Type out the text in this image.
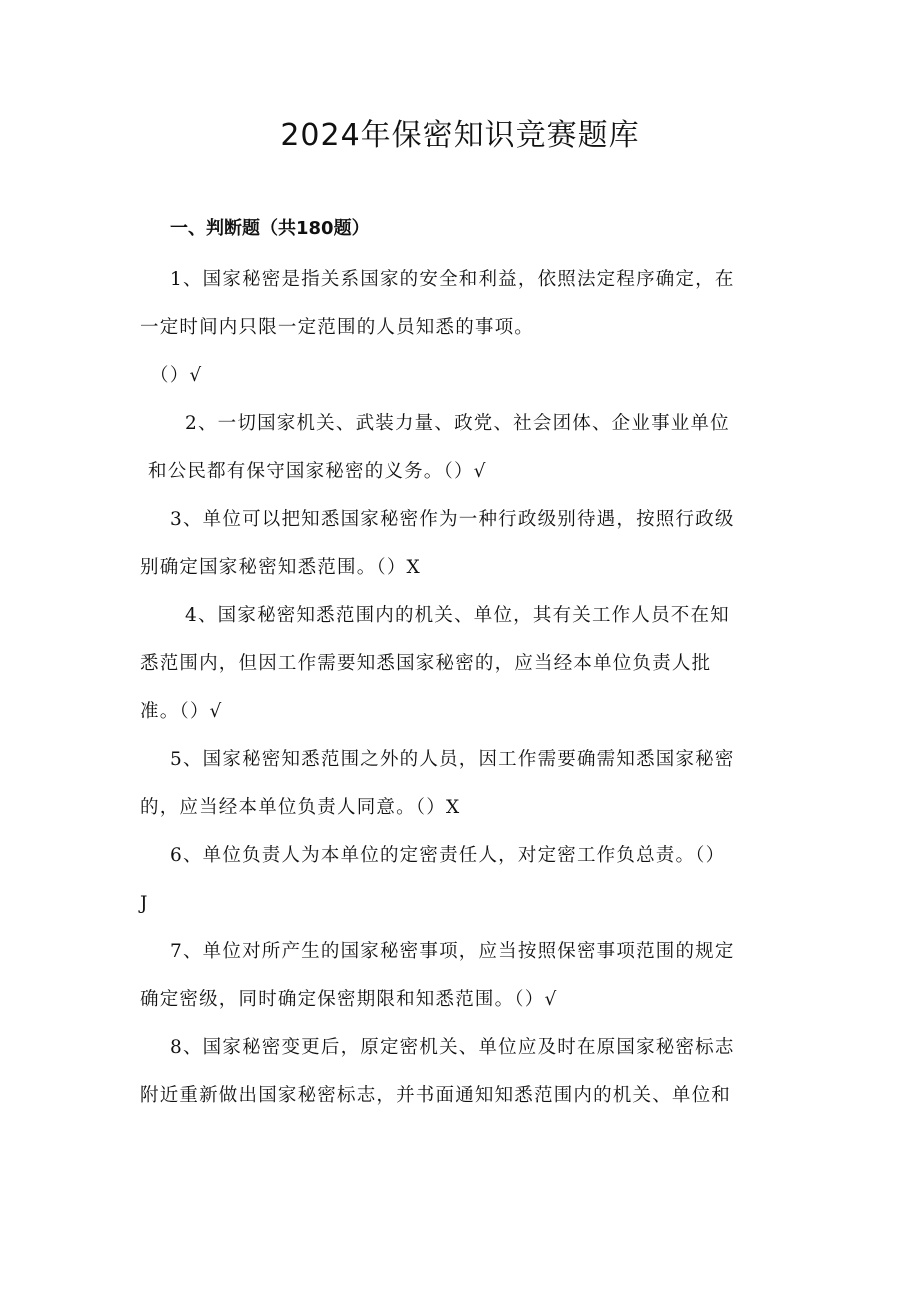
2024年保密知识竞赛题库
一、判断题（共180题）
1、国家秘密是指关系国家的安全和利益，依照法定程序确定，在
一定时间内只限一定范围的人员知悉的事项。
（）√
2、一切国家机关、武装力量、政党、社会团体、企业事业单位
和公民都有保守国家秘密的义务。（）√
3、单位可以把知悉国家秘密作为一种行政级别待遇，按照行政级
别确定国家秘密知悉范围。（）X
4、国家秘密知悉范围内的机关、单位，其有关工作人员不在知
悉范围内，但因工作需要知悉国家秘密的，应当经本单位负责人批
准。（）√
5、国家秘密知悉范围之外的人员，因工作需要确需知悉国家秘密
的，应当经本单位负责人同意。（）X
6、单位负责人为本单位的定密责任人，对定密工作负总责。（）
J
7、单位对所产生的国家秘密事项，应当按照保密事项范围的规定
确定密级，同时确定保密期限和知悉范围。（）√
8、国家秘密变更后，原定密机关、单位应及时在原国家秘密标志
附近重新做出国家秘密标志，并书面通知知悉范围内的机关、单位和
